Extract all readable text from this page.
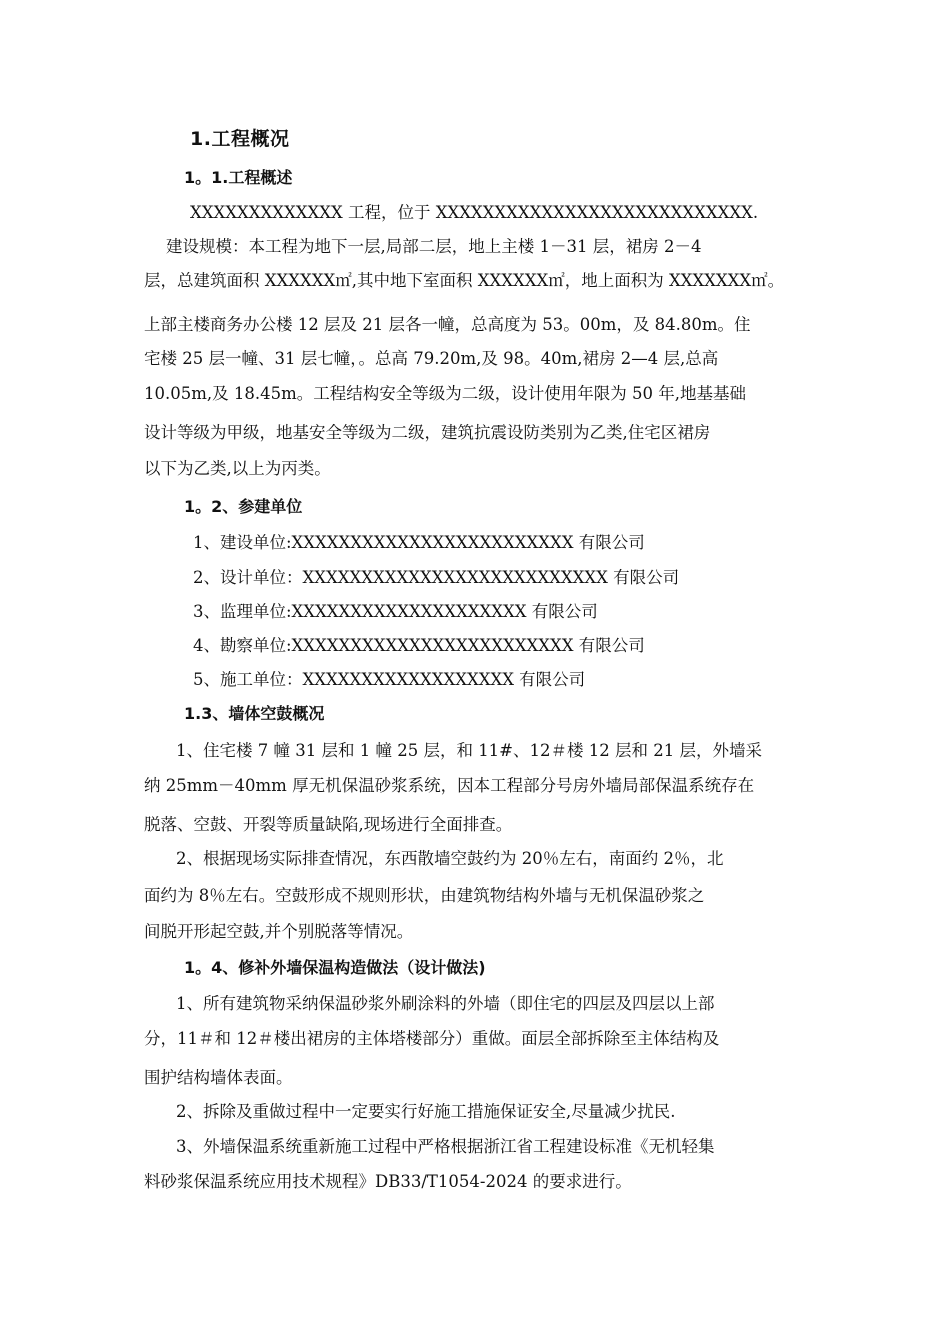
1.工程概况
1。1.工程概述
XXXXXXXXXXXXX 工程，位于 XXXXXXXXXXXXXXXXXXXXXXXXXXX.
建设规模：本工程为地下一层,局部二层，地上主楼 1－31 层，裙房 2－4
层，总建筑面积 XXXXXX㎡,其中地下室面积 XXXXXX㎡，地上面积为 XXXXXXX㎡。
上部主楼商务办公楼 12 层及 21 层各一幢，总高度为 53。00m，及 84.80m。住
宅楼 25 层一幢、31 层七幢，。总高 79.20m,及 98。40m,裙房 2—4 层,总高
10.05m,及 18.45m。工程结构安全等级为二级，设计使用年限为 50 年,地基基础
设计等级为甲级，地基安全等级为二级，建筑抗震设防类别为乙类,住宅区裙房
以下为乙类,以上为丙类。
1。2、参建单位
1、建设单位:XXXXXXXXXXXXXXXXXXXXXXXX 有限公司
2、设计单位：XXXXXXXXXXXXXXXXXXXXXXXXXX 有限公司
3、监理单位:XXXXXXXXXXXXXXXXXXXX 有限公司
4、勘察单位:XXXXXXXXXXXXXXXXXXXXXXXX 有限公司
5、施工单位：XXXXXXXXXXXXXXXXXX 有限公司
1.3、墙体空鼓概况
1、住宅楼 7 幢 31 层和 1 幢 25 层，和 11#、12＃楼 12 层和 21 层，外墙采
纳 25mm－40mm 厚无机保温砂浆系统，因本工程部分号房外墙局部保温系统存在
脱落、空鼓、开裂等质量缺陷,现场进行全面排查。
2、根据现场实际排查情况，东西散墙空鼓约为 20％左右，南面约 2％，北
面约为 8％左右。空鼓形成不规则形状，由建筑物结构外墙与无机保温砂浆之
间脱开形起空鼓,并个别脱落等情况。
1。4、修补外墙保温构造做法（设计做法)
1、所有建筑物采纳保温砂浆外刷涂料的外墙（即住宅的四层及四层以上部
分，11＃和 12＃楼出裙房的主体塔楼部分）重做。面层全部拆除至主体结构及
围护结构墙体表面。
2、拆除及重做过程中一定要实行好施工措施保证安全,尽量减少扰民.
3、外墙保温系统重新施工过程中严格根据浙江省工程建设标准《无机轻集
料砂浆保温系统应用技术规程》DB33/T1054-2024 的要求进行。
